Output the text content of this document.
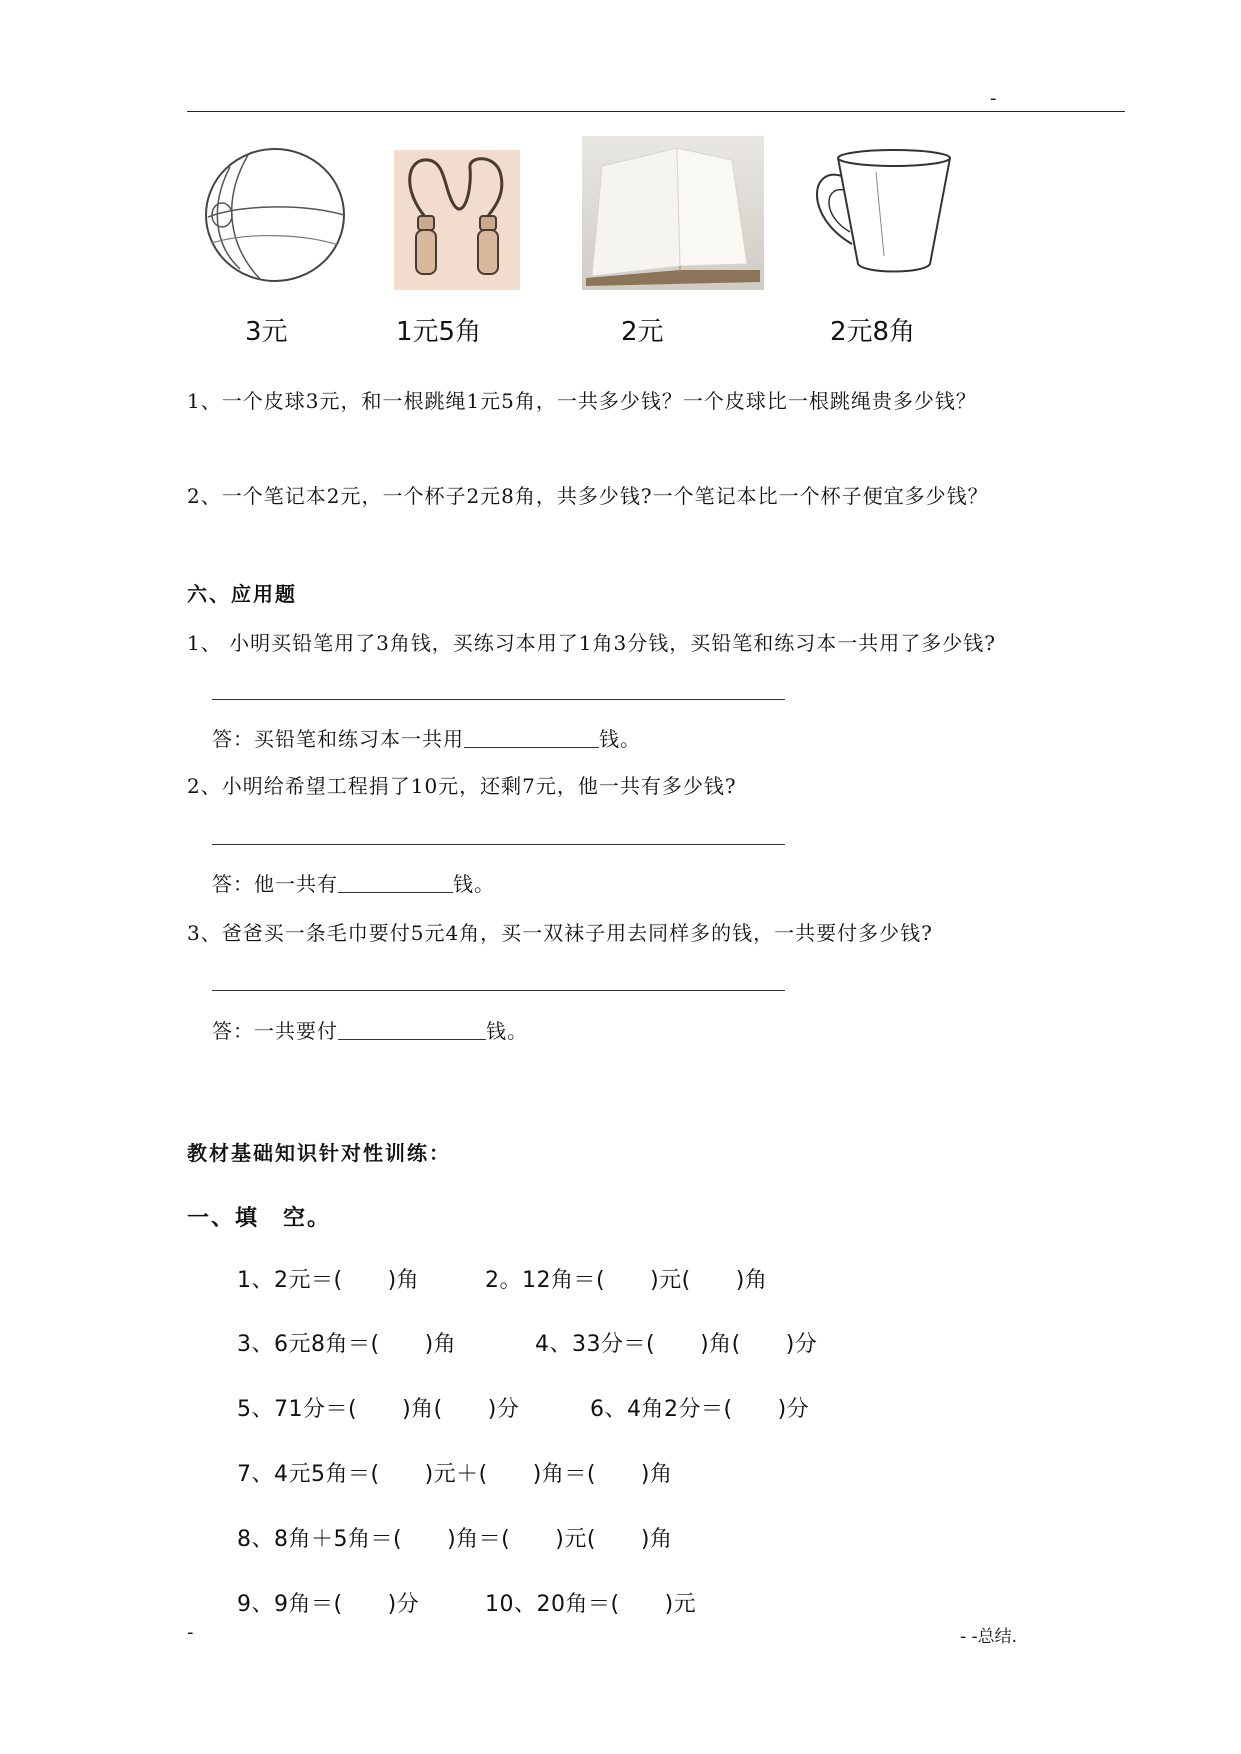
-
3元	1元5角	2元	2元8角
1、一个皮球3元，和一根跳绳1元5角，一共多少钱？一个皮球比一根跳绳贵多少钱？
2、一个笔记本2元，一个杯子2元8角，共多少钱?一个笔记本比一个杯子便宜多少钱？
六、应用题
1、 小明买铅笔用了3角钱，买练习本用了1角3分钱，买铅笔和练习本一共用了多少钱?
答：买铅笔和练习本一共用	钱。
2、小明给希望工程捐了10元，还剩7元，他一共有多少钱?
答：他一共有	钱。
3、爸爸买一条毛巾要付5元4角，买一双袜子用去同样多的钱，一共要付多少钱?
答：一共要付	钱。
教材基础知识针对性训练：
一、填　空。
1、2元＝(　　)角	2。12角＝(　　)元(　　)角
3、6元8角＝(　　)角	4、33分＝(　　)角(　　)分
5、71分＝(　　)角(　　)分	6、4角2分＝(　　)分
7、4元5角＝(　　)元＋(　　)角＝(　　)角
8、8角＋5角＝(　　)角＝(　　)元(　　)角
9、9角＝(　　)分	10、20角＝(　　)元
-	- -总结.
